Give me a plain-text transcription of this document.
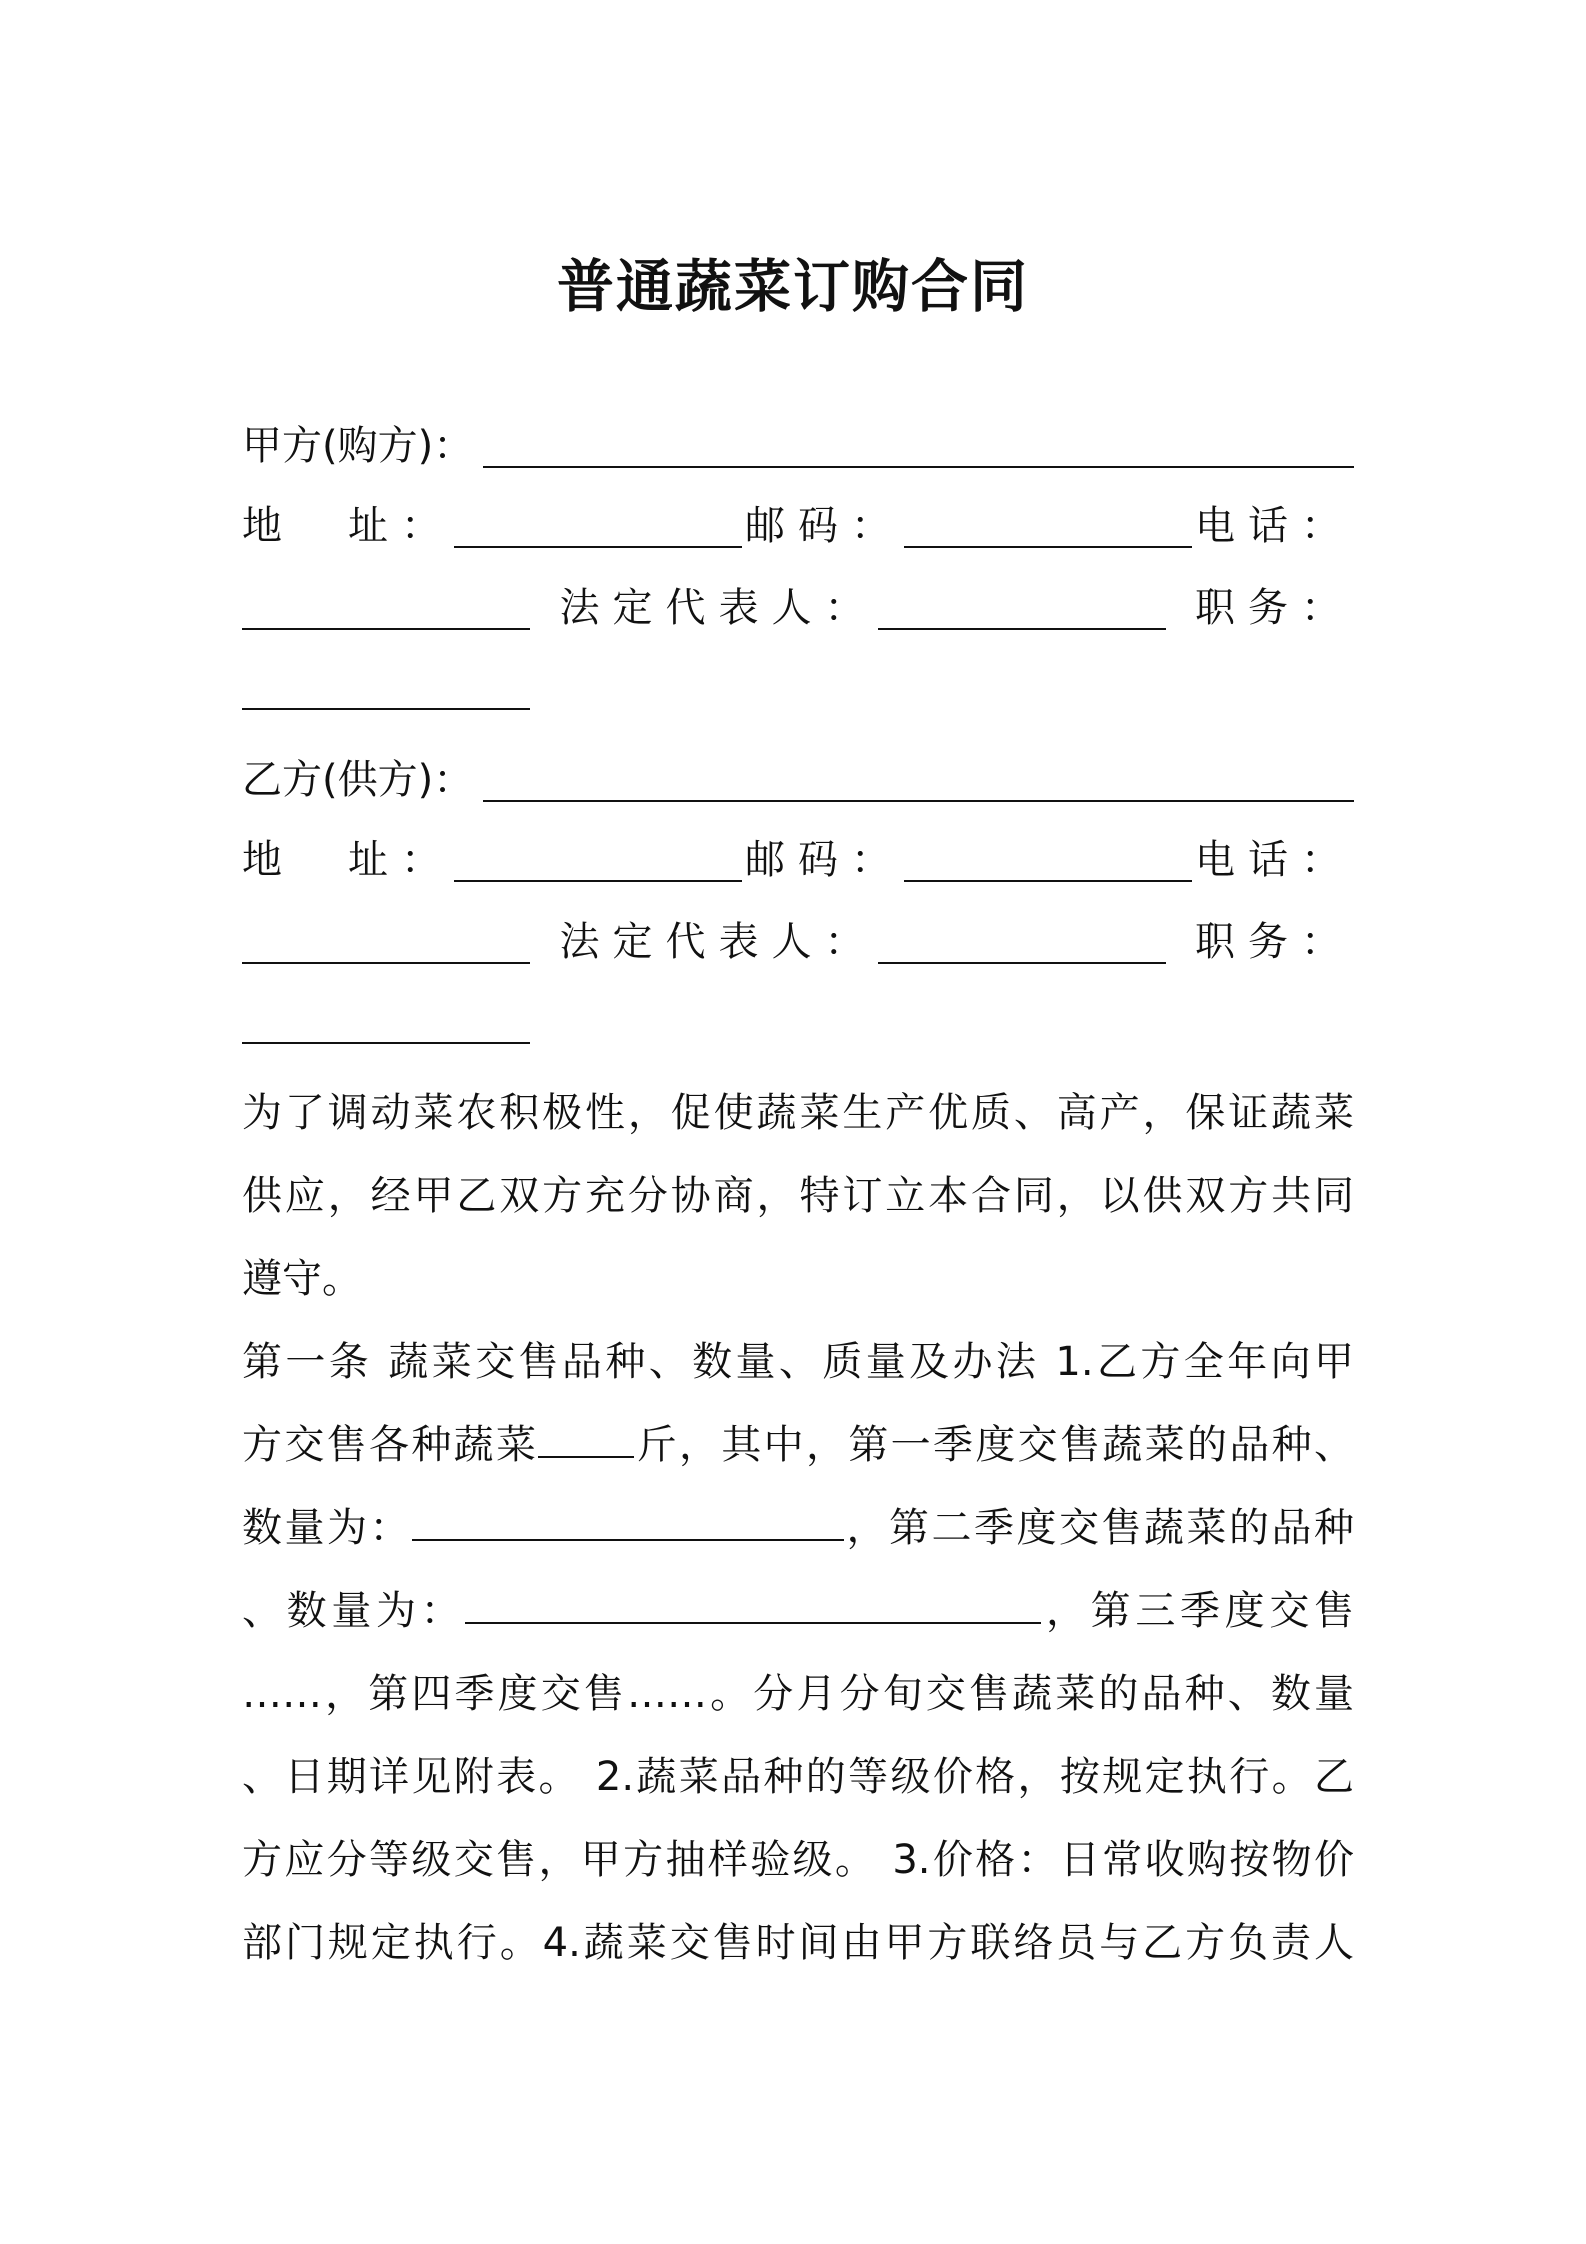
普通蔬菜订购合同
甲方(购方)：
地　址：	邮码：	电话：
法定代表人：	职务：
乙方(供方)：
地　址：	邮码：	电话：
法定代表人：	职务：
为了调动菜农积极性，促使蔬菜生产优质、高产，保证蔬菜
供应，经甲乙双方充分协商，特订立本合同，以供双方共同
遵守。
第一条 蔬菜交售品种、数量、质量及办法 1.乙方全年向甲
方交售各种蔬菜 斤，其中，第一季度交售蔬菜的品种、
数量为：	，第二季度交售蔬菜的品种
、数量为：	，第三季度交售
……，第四季度交售……。分月分旬交售蔬菜的品种、数量
、日期详见附表。 2.蔬菜品种的等级价格，按规定执行。乙
方应分等级交售，甲方抽样验级。 3.价格：日常收购按物价
部门规定执行。4.蔬菜交售时间由甲方联络员与乙方负责人
